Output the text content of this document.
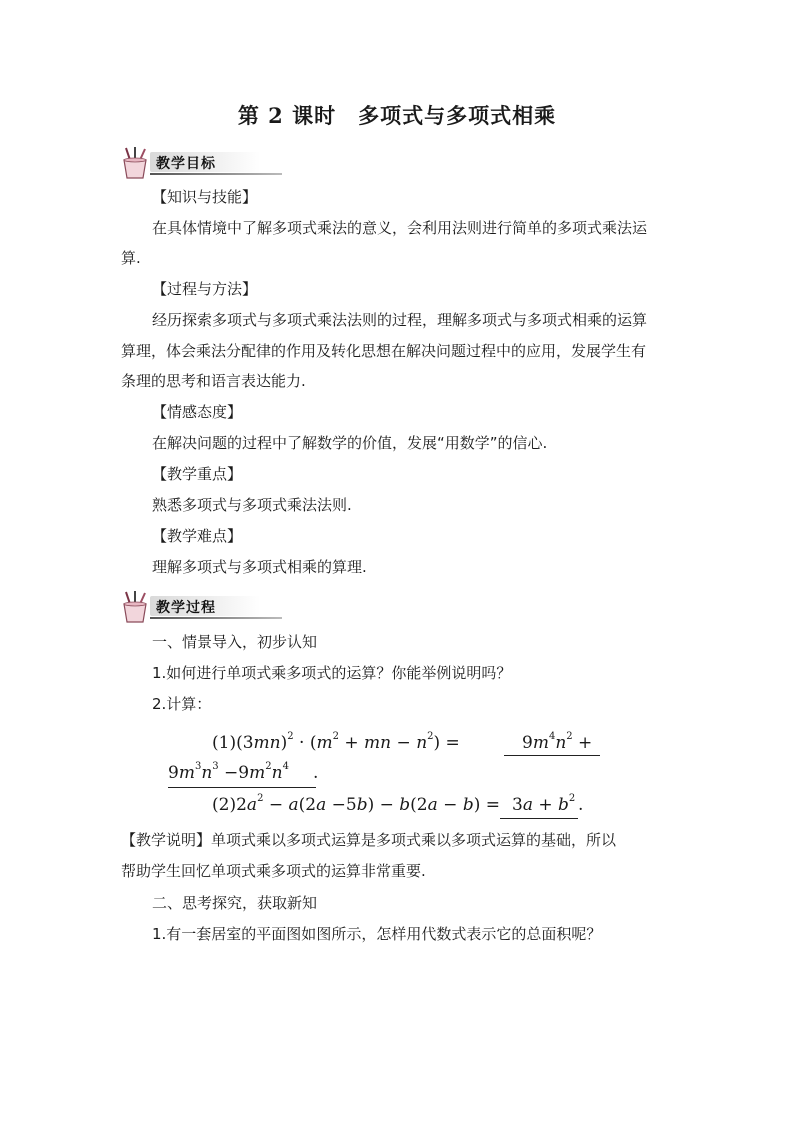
第 2 课时　多项式与多项式相乘
教学目标
【知识与技能】
在具体情境中了解多项式乘法的意义，会利用法则进行简单的多项式乘法运
算.
【过程与方法】
经历探索多项式与多项式乘法法则的过程，理解多项式与多项式相乘的运算
算理，体会乘法分配律的作用及转化思想在解决问题过程中的应用，发展学生有
条理的思考和语言表达能力.
【情感态度】
在解决问题的过程中了解数学的价值，发展“用数学”的信心.
【教学重点】
熟悉多项式与多项式乘法法则.
【教学难点】
理解多项式与多项式相乘的算理.
教学过程
一、情景导入，初步认知
1.如何进行单项式乘多项式的运算？你能举例说明吗？
2.计算：
$(1)(3mn)^2 \cdot (m^2$ + mn − $n^2$) =	$9m^4n^2$ +
$9m^3n^3 -9m^2n^4$ .
$(2)2a^2 - a(2a -5b) - b(2a - b) = 3a + b^2$ .
【教学说明】单项式乘以多项式运算是多项式乘以多项式运算的基础，所以
帮助学生回忆单项式乘多项式的运算非常重要.
二、思考探究，获取新知
1.有一套居室的平面图如图所示，怎样用代数式表示它的总面积呢？
